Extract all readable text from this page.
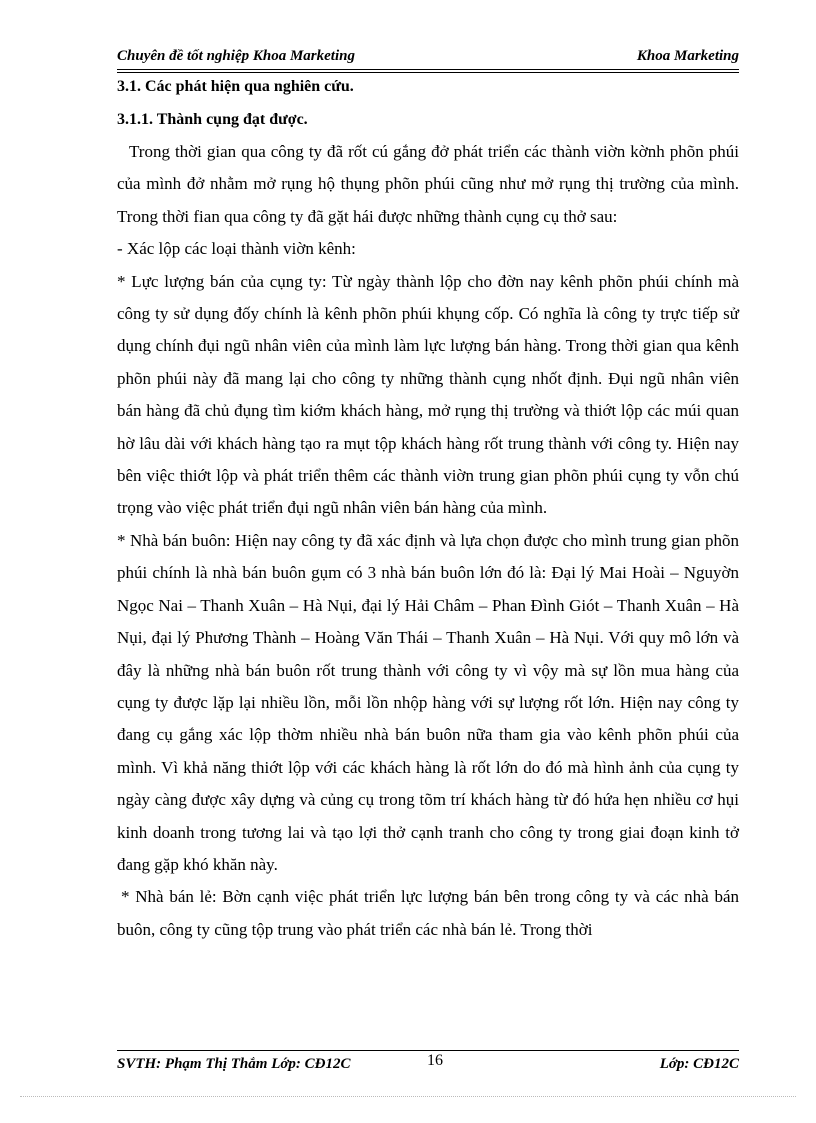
Chuyên đề tốt nghiệp Khoa Marketing	Khoa Marketing
3.1. Các phát hiện qua nghiên cứu.
3.1.1. Thành cụng đạt được.

Trong thời gian qua công ty đã rốt cú gắng đở phát triển các thành viờn kờnh phõn phúi của mình đở nhằm mở rụng hộ thụng phõn phúi cũng như mở rụng thị trường của mình. Trong thời fian qua công ty đã gặt hái được những thành cụng cụ thở sau:

- Xác lộp các loại thành viờn kênh:

* Lực lượng bán của cụng ty: Từ ngày thành lộp cho đờn nay kênh phõn phúi chính mà công ty sử dụng đốy chính là kênh phõn phúi khụng cốp. Có nghĩa là công ty trực tiếp sử dụng chính đụi ngũ nhân viên của mình làm lực lượng bán hàng. Trong thời gian qua kênh phõn phúi này đã mang lại cho công ty những thành cụng nhốt định. Đụi ngũ nhân viên bán hàng đã chủ đụng tìm kiớm khách hàng, mở rụng thị trường và thiớt lộp các múi quan hờ lâu dài với khách hàng tạo ra mụt tộp khách hàng rốt trung thành với công ty. Hiện nay bên việc thiớt lộp và phát triển thêm các thành viờn trung gian phõn phúi cụng ty vỗn chú trọng vào việc phát triển đụi ngũ nhân viên bán hàng của mình.

* Nhà bán buôn: Hiện nay công ty đã xác định và lựa chọn được cho mình trung gian phõn phúi chính là nhà bán buôn gụm có 3 nhà bán buôn lớn đó là: Đại lý Mai Hoài – Nguyờn Ngọc Nai – Thanh Xuân – Hà Nụi, đại lý Hải Châm – Phan Đình Giót – Thanh Xuân – Hà Nụi, đại lý Phương Thành – Hoàng Văn Thái – Thanh Xuân – Hà Nụi. Với quy mô lớn và đây là những nhà bán buôn rốt trung thành với công ty vì vộy mà sự lồn mua hàng của cụng ty được lặp lại nhiều lồn, mỗi lồn nhộp hàng với sự lượng rốt lớn. Hiện nay công ty đang cụ gắng xác lộp thờm nhiều nhà bán buôn nữa tham gia vào kênh phõn phúi của mình. Vì khả năng thiớt lộp với các khách hàng là rốt lớn do đó mà hình ảnh của cụng ty ngày càng được xây dựng và củng cụ trong tõm trí khách hàng từ đó hứa hẹn nhiều cơ hụi kinh doanh trong tương lai và tạo lợi thở cạnh tranh cho công ty trong giai đoạn kinh tở đang gặp khó khăn này.

* Nhà bán lẻ: Bờn cạnh việc phát triển lực lượng bán bên trong công ty và các nhà bán buôn, công ty cũng tộp trung vào phát triển các nhà bán lẻ. Trong thời

SVTH: Phạm Thị Thắm Lớp: CĐ12C	16	Lớp: CĐ12C
